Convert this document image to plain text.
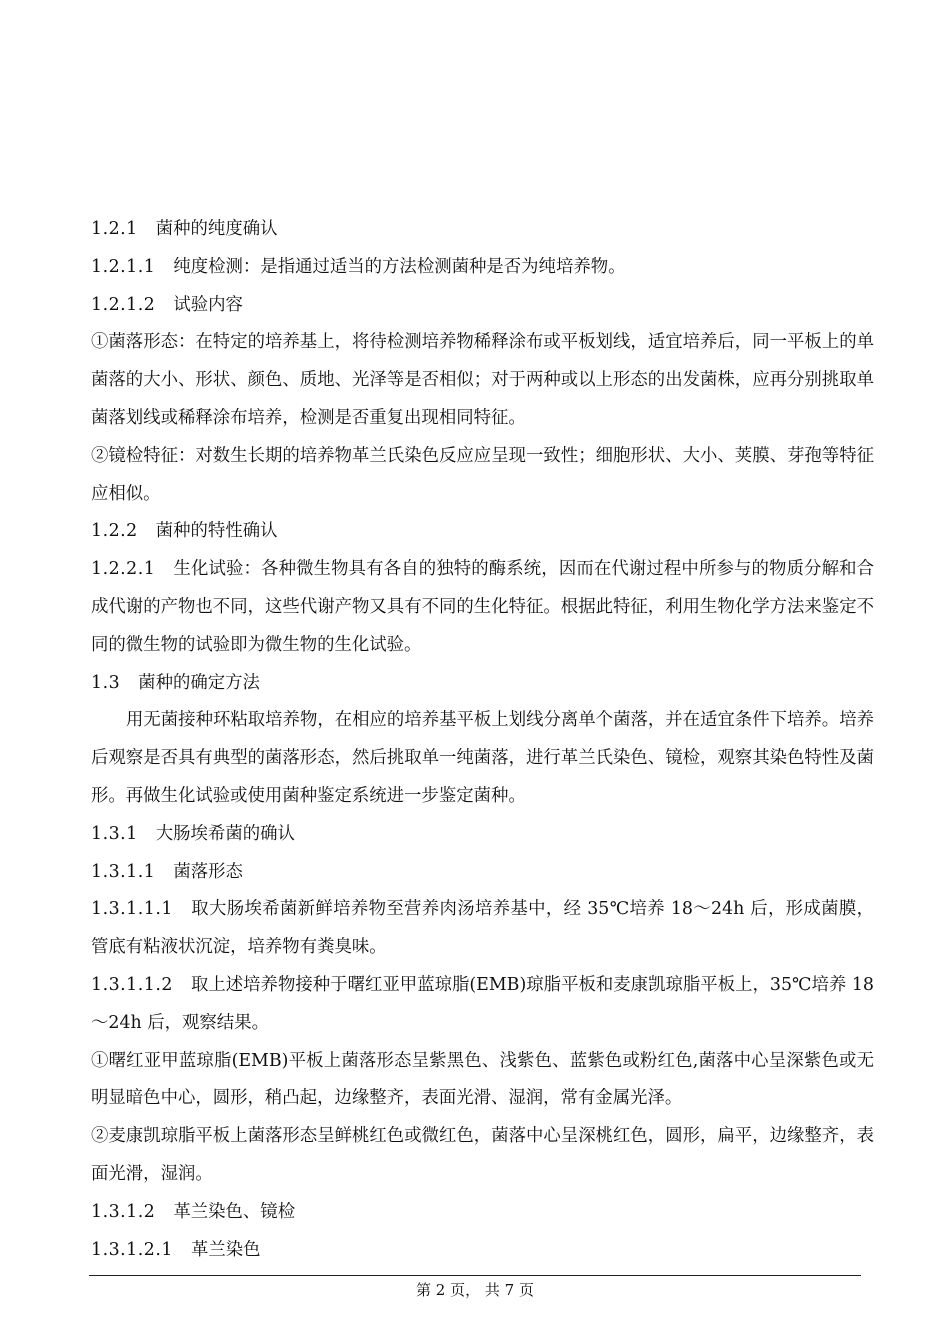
1.2.1 菌种的纯度确认

1.2.1.1 纯度检测：是指通过适当的方法检测菌种是否为纯培养物。

1.2.1.2 试验内容

①菌落形态：在特定的培养基上，将待检测培养物稀释涂布或平板划线，适宜培养后，同一平板上的单菌落的大小、形状、颜色、质地、光泽等是否相似；对于两种或以上形态的出发菌株，应再分别挑取单菌落划线或稀释涂布培养，检测是否重复出现相同特征。

②镜检特征：对数生长期的培养物革兰氏染色反应应呈现一致性；细胞形状、大小、荚膜、芽孢等特征应相似。

1.2.2 菌种的特性确认

1.2.2.1 生化试验：各种微生物具有各自的独特的酶系统，因而在代谢过程中所参与的物质分解和合成代谢的产物也不同，这些代谢产物又具有不同的生化特征。根据此特征，利用生物化学方法来鉴定不同的微生物的试验即为微生物的生化试验。

1.3 菌种的确定方法

用无菌接种环粘取培养物，在相应的培养基平板上划线分离单个菌落，并在适宜条件下培养。培养后观察是否具有典型的菌落形态，然后挑取单一纯菌落，进行革兰氏染色、镜检，观察其染色特性及菌形。再做生化试验或使用菌种鉴定系统进一步鉴定菌种。

1.3.1 大肠埃希菌的确认

1.3.1.1 菌落形态

1.3.1.1.1 取大肠埃希菌新鲜培养物至营养肉汤培养基中，经 35℃培养 18～24h 后，形成菌膜，管底有粘液状沉淀，培养物有粪臭味。

1.3.1.1.2 取上述培养物接种于曙红亚甲蓝琼脂(EMB)琼脂平板和麦康凯琼脂平板上，35℃培养 18～24h 后，观察结果。

①曙红亚甲蓝琼脂(EMB)平板上菌落形态呈紫黑色、浅紫色、蓝紫色或粉红色,菌落中心呈深紫色或无明显暗色中心，圆形，稍凸起，边缘整齐，表面光滑、湿润，常有金属光泽。

②麦康凯琼脂平板上菌落形态呈鲜桃红色或微红色，菌落中心呈深桃红色，圆形，扁平，边缘整齐，表面光滑，湿润。

1.3.1.2 革兰染色、镜检

1.3.1.2.1 革兰染色

第 2 页， 共 7 页
